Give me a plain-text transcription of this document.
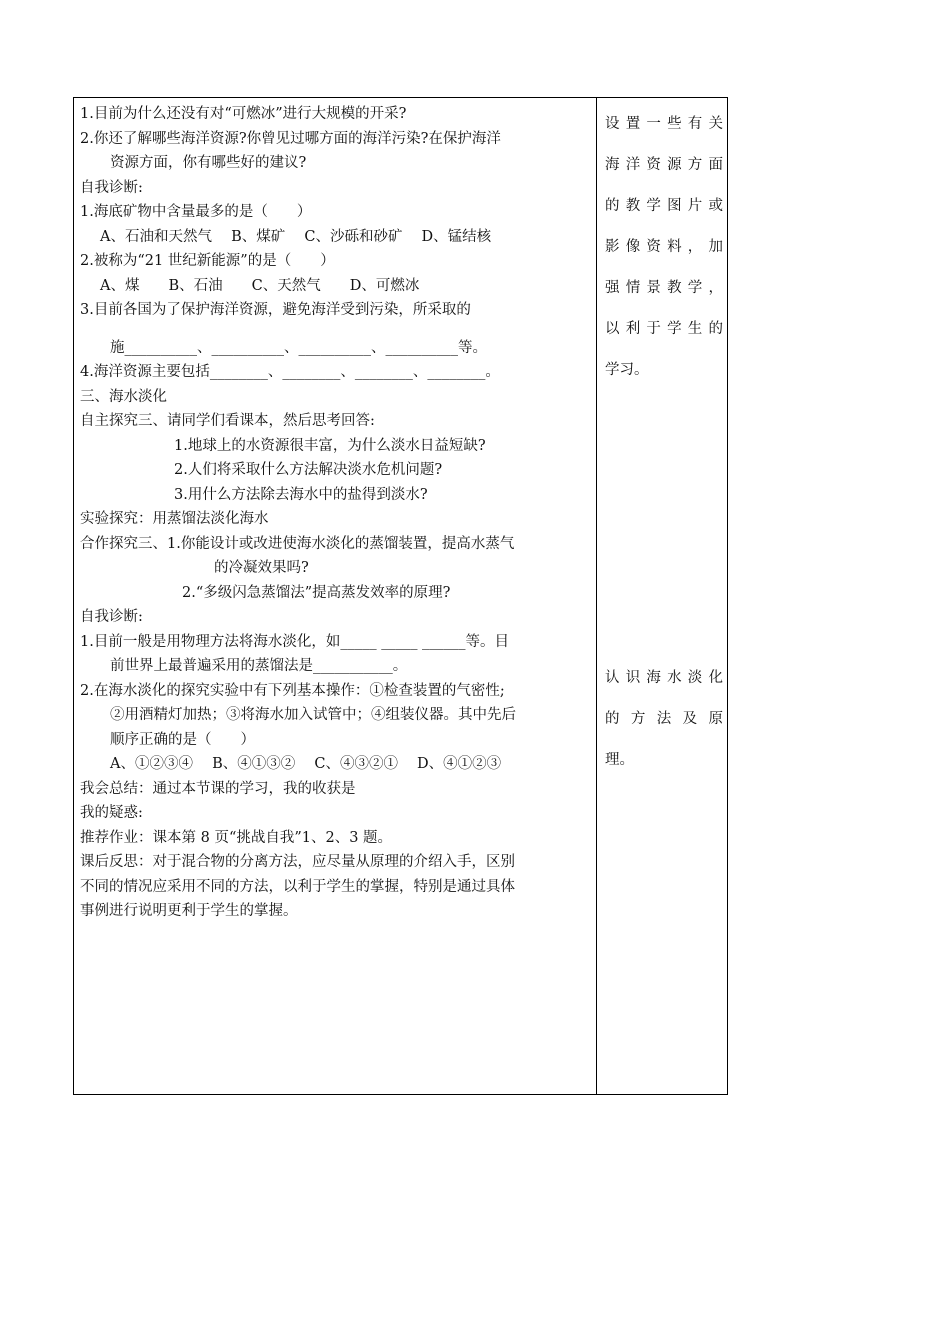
1.目前为什么还没有对“可燃冰”进行大规模的开采?
2.你还了解哪些海洋资源?你曾见过哪方面的海洋污染?在保护海洋
资源方面，你有哪些好的建议?
自我诊断:
1.海底矿物中含量最多的是（　　）
A、石油和天然气　 B、煤矿　 C、沙砾和砂矿　 D、锰结核
2.被称为“21 世纪新能源”的是（　　）
A、煤　　B、石油　　C、天然气　　D、可燃冰
3.目前各国为了保护海洋资源，避免海洋受到污染，所采取的
施__________、__________、__________、__________等。
4.海洋资源主要包括________、________、________、________。
三、海水淡化
自主探究三、请同学们看课本，然后思考回答:
1.地球上的水资源很丰富，为什么淡水日益短缺?
2.人们将采取什么方法解决淡水危机问题?
3.用什么方法除去海水中的盐得到淡水?
实验探究：用蒸馏法淡化海水
合作探究三、1.你能设计或改进使海水淡化的蒸馏装置，提高水蒸气
的冷凝效果吗?
2.“多级闪急蒸馏法”提高蒸发效率的原理?
自我诊断:
1.目前一般是用物理方法将海水淡化，如_____ _____ ______等。目
前世界上最普遍采用的蒸馏法是___________。
2.在海水淡化的探究实验中有下列基本操作：①检查装置的气密性;
②用酒精灯加热；③将海水加入试管中；④组装仪器。其中先后
顺序正确的是（　　）
A、①②③④　 B、④①③②　 C、④③②①　 D、④①②③
我会总结：通过本节课的学习，我的收获是
我的疑惑:
推荐作业：课本第 8 页“挑战自我”1、2、3 题。
课后反思：对于混合物的分离方法，应尽量从原理的介绍入手，区别
不同的情况应采用不同的方法，以利于学生的掌握，特别是通过具体
事例进行说明更利于学生的掌握。
设置一些有关
海洋资源方面
的教学图片或
影像资料，加
强情景教学，
以利于学生的
学习。
认识海水淡化
的方法及原
理。
